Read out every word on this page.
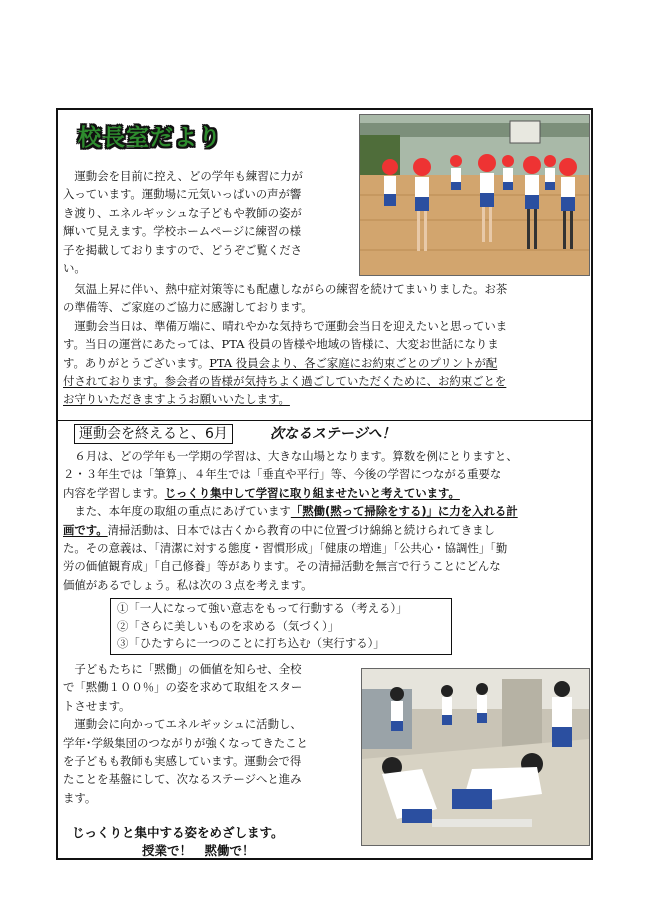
校長室だより
　運動会を目前に控え、どの学年も練習に力が
入っています。運動場に元気いっぱいの声が響
き渡り、エネルギッシュな子どもや教師の姿が
輝いて見えます。学校ホームページに練習の様
子を掲載しておりますので、どうぞご覧くださ
い。
　気温上昇に伴い、熱中症対策等にも配慮しながらの練習を続けてまいりました。お茶
の準備等、ご家庭のご協力に感謝しております。
　運動会当日は、準備万端に、晴れやかな気持ちで運動会当日を迎えたいと思っていま
す。当日の運営にあたっては、PTA 役員の皆様や地域の皆様に、大変お世話になりま
す。ありがとうございます。PTA 役員会より、各ご家庭にお約束ごとのプリントが配
付されております。参会者の皆様が気持ちよく過ごしていただくために、お約束ごとを
お守りいただきますようお願いいたします。
運動会を終えると、6月	次なるステージへ！
　６月は、どの学年も一学期の学習は、大きな山場となります。算数を例にとりますと、
２・３年生では「筆算」、４年生では「垂直や平行」等、今後の学習につながる重要な
内容を学習します。じっくり集中して学習に取り組ませたいと考えています。
　また、本年度の取組の重点にあげています「黙働(黙って掃除をする)」に力を入れる計
画です。清掃活動は、日本では古くから教育の中に位置づけ綿綿と続けられてきまし
た。その意義は、「清潔に対する態度・習慣形成」「健康の増進」「公共心・協調性」「勤
労の価値観育成」「自己修養」等があります。その清掃活動を無言で行うことにどんな
価値があるでしょう。私は次の３点を考えます。
①「一人になって強い意志をもって行動する（考える）」
②「さらに美しいものを求める（気づく）」
③「ひたすらに一つのことに打ち込む（実行する）」
　子どもたちに「黙働」の価値を知らせ、全校
で「黙働１００％」の姿を求めて取組をスター
トさせます。
　運動会に向かってエネルギッシュに活動し、
学年･学級集団のつながりが強くなってきたこと
を子どもも教師も実感しています。運動会で得
たことを基盤にして、次なるステージへと進み
ます。
じっくりと集中する姿をめざします。
授業で！　黙働で！
